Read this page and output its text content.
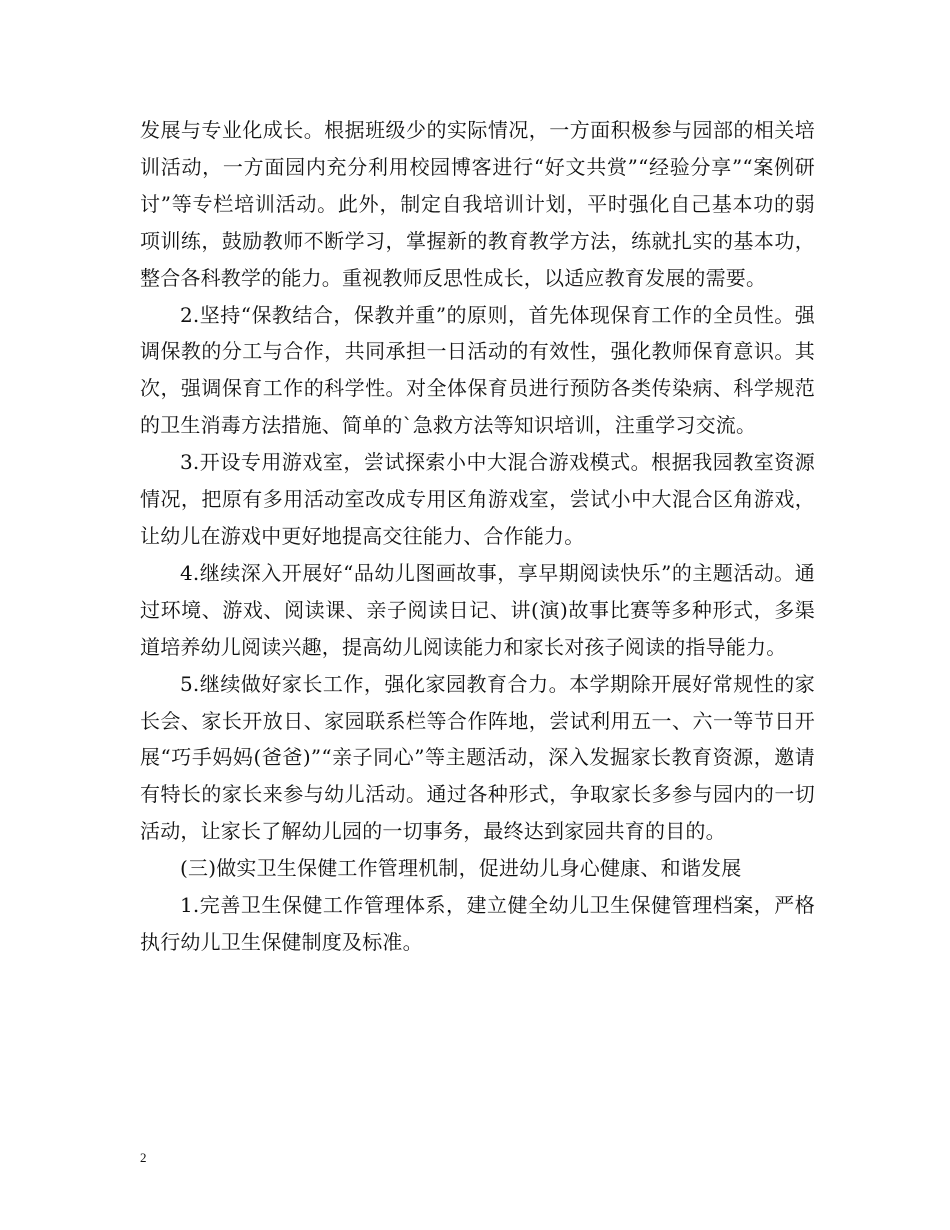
发展与专业化成长。根据班级少的实际情况，一方面积极参与园部的相关培训活动，一方面园内充分利用校园博客进行“好文共赏”“经验分享”“案例研讨”等专栏培训活动。此外，制定自我培训计划，平时强化自己基本功的弱项训练，鼓励教师不断学习，掌握新的教育教学方法，练就扎实的基本功，整合各科教学的能力。重视教师反思性成长，以适应教育发展的需要。

2.坚持“保教结合，保教并重”的原则，首先体现保育工作的全员性。强调保教的分工与合作，共同承担一日活动的有效性，强化教师保育意识。其次，强调保育工作的科学性。对全体保育员进行预防各类传染病、科学规范的卫生消毒方法措施、简单的`急救方法等知识培训，注重学习交流。

3.开设专用游戏室，尝试探索小中大混合游戏模式。根据我园教室资源情况，把原有多用活动室改成专用区角游戏室，尝试小中大混合区角游戏，让幼儿在游戏中更好地提高交往能力、合作能力。

4.继续深入开展好“品幼儿图画故事，享早期阅读快乐”的主题活动。通过环境、游戏、阅读课、亲子阅读日记、讲(演)故事比赛等多种形式，多渠道培养幼儿阅读兴趣，提高幼儿阅读能力和家长对孩子阅读的指导能力。

5.继续做好家长工作，强化家园教育合力。本学期除开展好常规性的家长会、家长开放日、家园联系栏等合作阵地，尝试利用五一、六一等节日开展“巧手妈妈(爸爸)”“亲子同心”等主题活动，深入发掘家长教育资源，邀请有特长的家长来参与幼儿活动。通过各种形式，争取家长多参与园内的一切活动，让家长了解幼儿园的一切事务，最终达到家园共育的目的。

(三)做实卫生保健工作管理机制，促进幼儿身心健康、和谐发展

1.完善卫生保健工作管理体系，建立健全幼儿卫生保健管理档案，严格执行幼儿卫生保健制度及标准。

2
